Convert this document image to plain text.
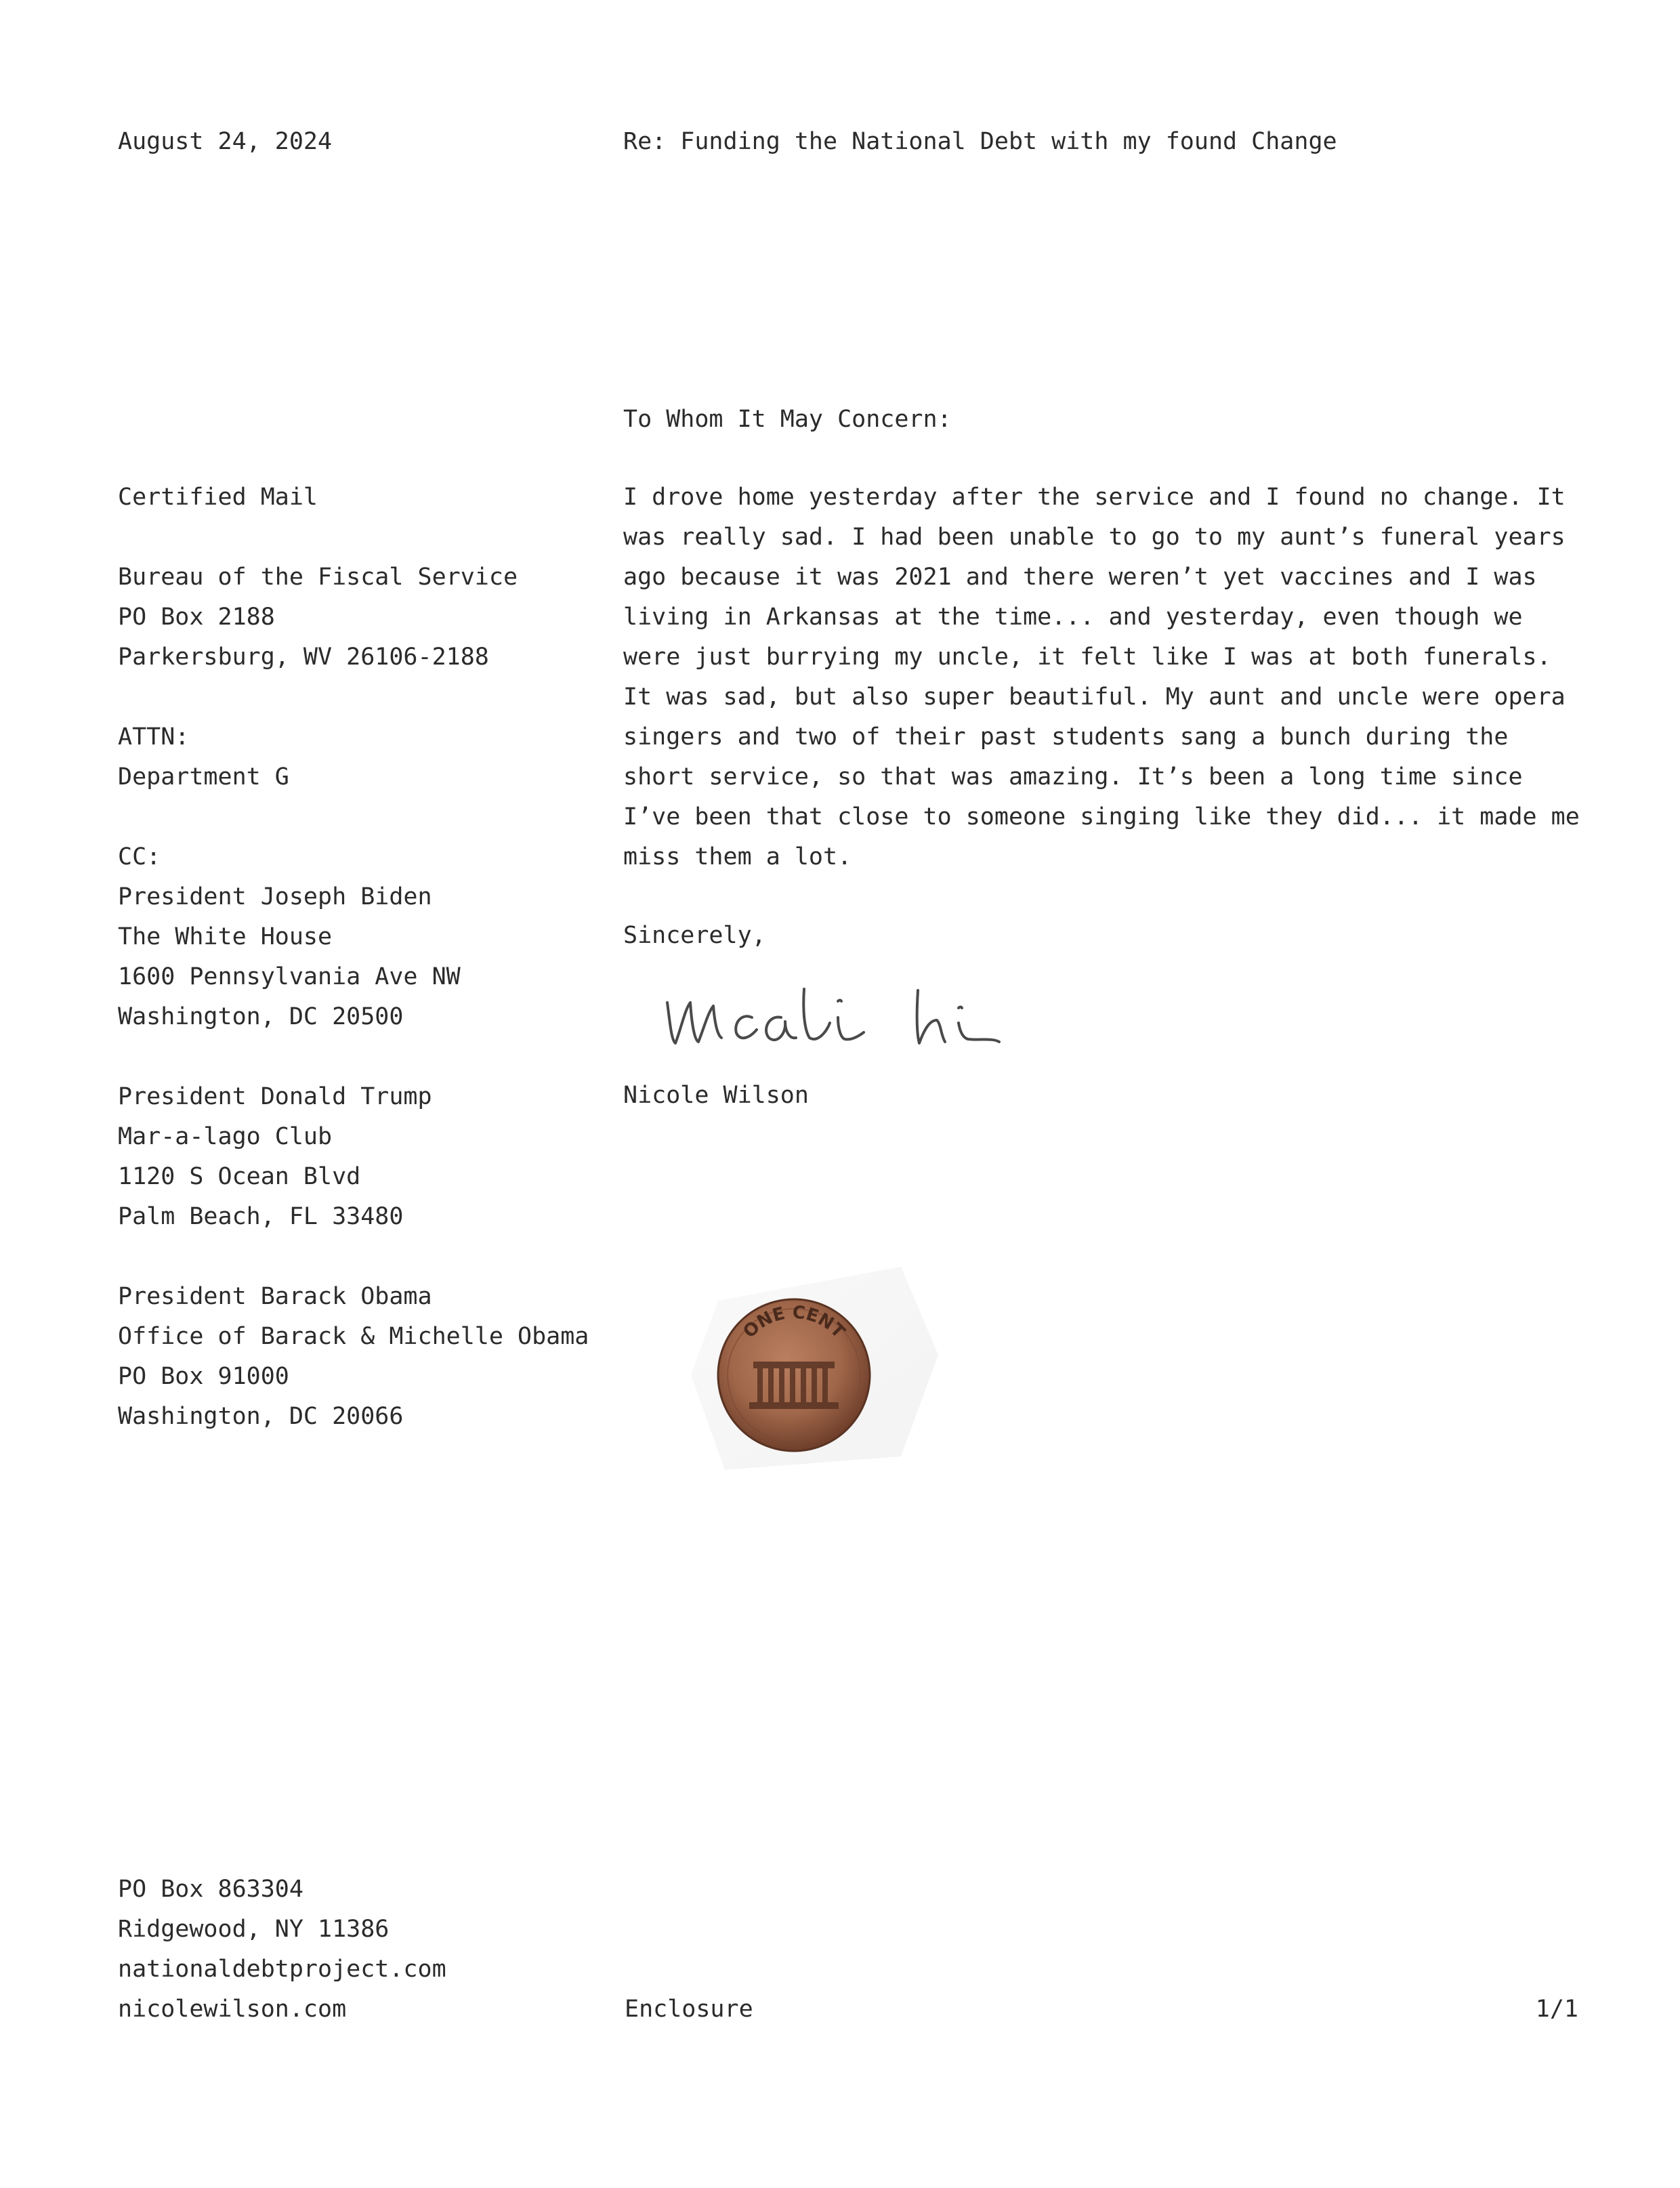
August 24, 2024	Re: Funding the National Debt with my found Change
To Whom It May Concern:
Certified Mail
Bureau of the Fiscal Service
PO Box 2188
Parkersburg, WV 26106-2188
ATTN:
Department G
CC:
President Joseph Biden
The White House
1600 Pennsylvania Ave NW
Washington, DC 20500
President Donald Trump
Mar-a-lago Club
1120 S Ocean Blvd
Palm Beach, FL 33480
President Barack Obama
Office of Barack & Michelle Obama
PO Box 91000
Washington, DC 20066
I drove home yesterday after the service and I found no change. It
was really sad. I had been unable to go to my aunt’s funeral years
ago because it was 2021 and there weren’t yet vaccines and I was
living in Arkansas at the time... and yesterday, even though we
were just burrying my uncle, it felt like I was at both funerals.
It was sad, but also super beautiful. My aunt and uncle were opera
singers and two of their past students sang a bunch during the
short service, so that was amazing. It’s been a long time since
I’ve been that close to someone singing like they did... it made me
miss them a lot.
Sincerely,
Nicole Wilson
ONE CENT
PO Box 863304
Ridgewood, NY 11386
nationaldebtproject.com
nicolewilson.com	Enclosure	1/1
